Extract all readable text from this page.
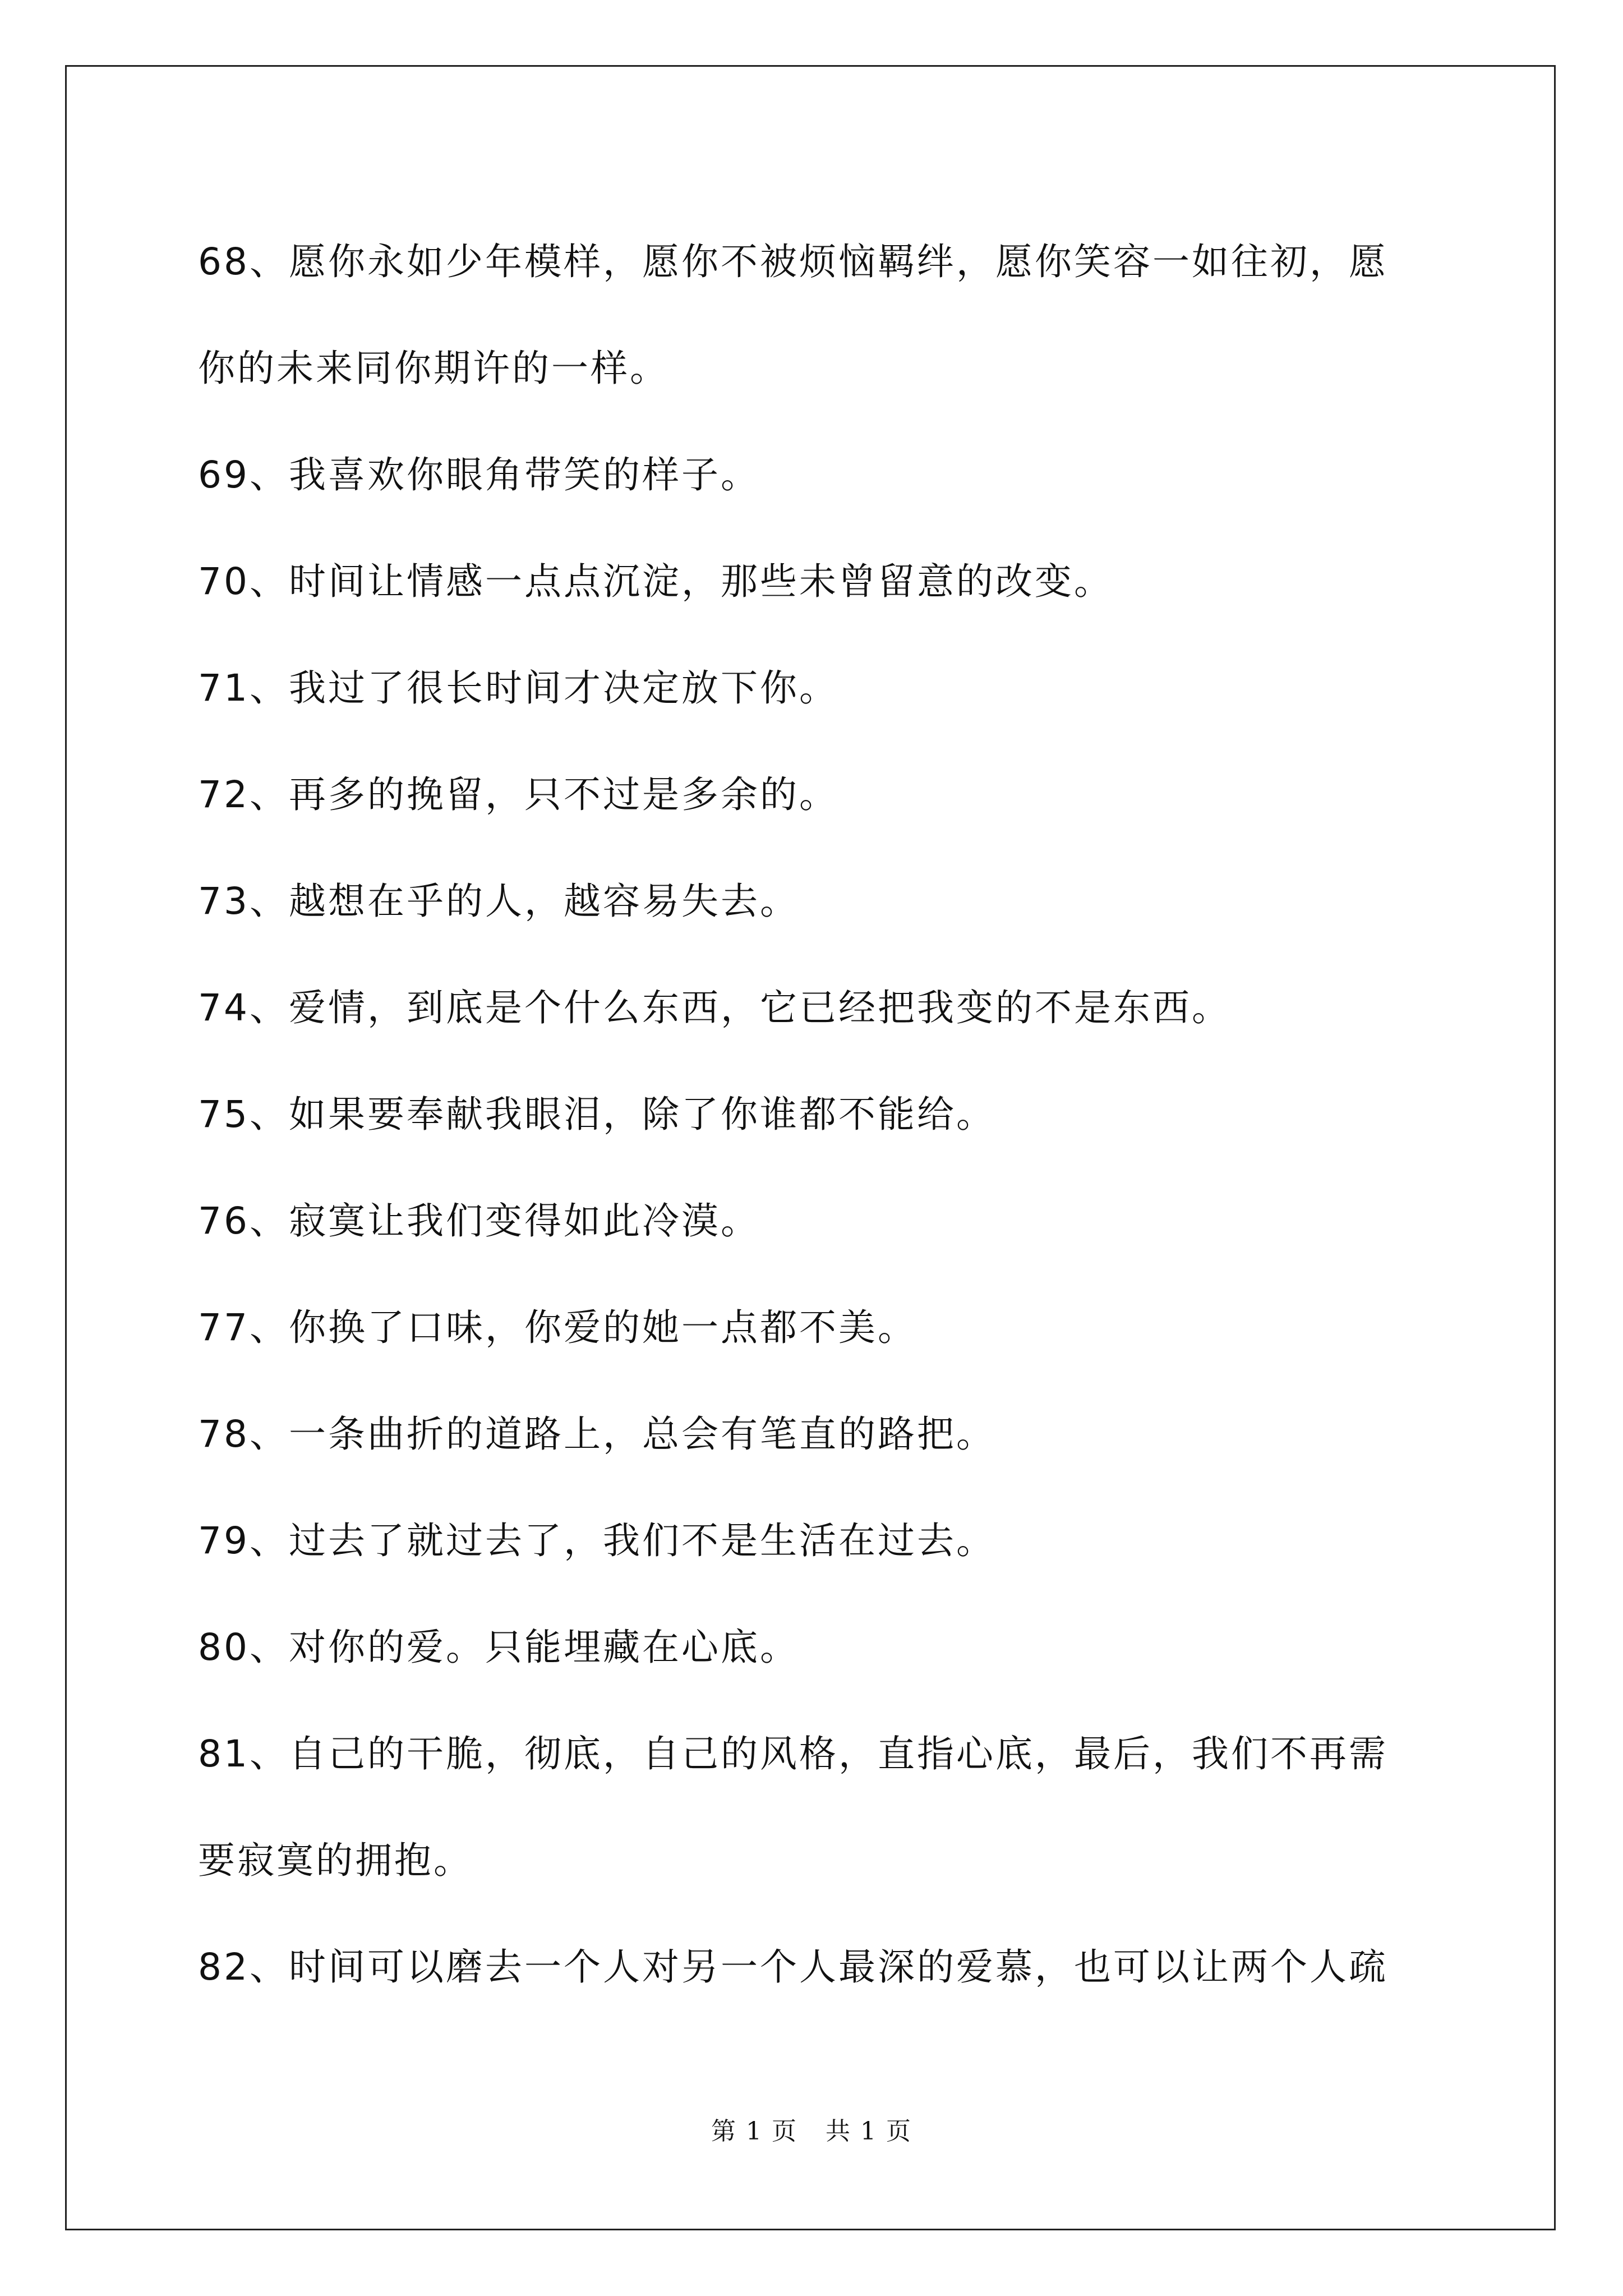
68、愿你永如少年模样，愿你不被烦恼羁绊，愿你笑容一如往初，愿
你的未来同你期许的一样。
69、我喜欢你眼角带笑的样子。
70、时间让情感一点点沉淀，那些未曾留意的改变。
71、我过了很长时间才决定放下你。
72、再多的挽留，只不过是多余的。
73、越想在乎的人，越容易失去。
74、爱情，到底是个什么东西，它已经把我变的不是东西。
75、如果要奉献我眼泪，除了你谁都不能给。
76、寂寞让我们变得如此冷漠。
77、你换了口味，你爱的她一点都不美。
78、一条曲折的道路上，总会有笔直的路把。
79、过去了就过去了，我们不是生活在过去。
80、对你的爱。只能埋藏在心底。
81、自己的干脆，彻底，自己的风格，直指心底，最后，我们不再需
要寂寞的拥抱。
82、时间可以磨去一个人对另一个人最深的爱慕，也可以让两个人疏
第 1 页 共 1 页
